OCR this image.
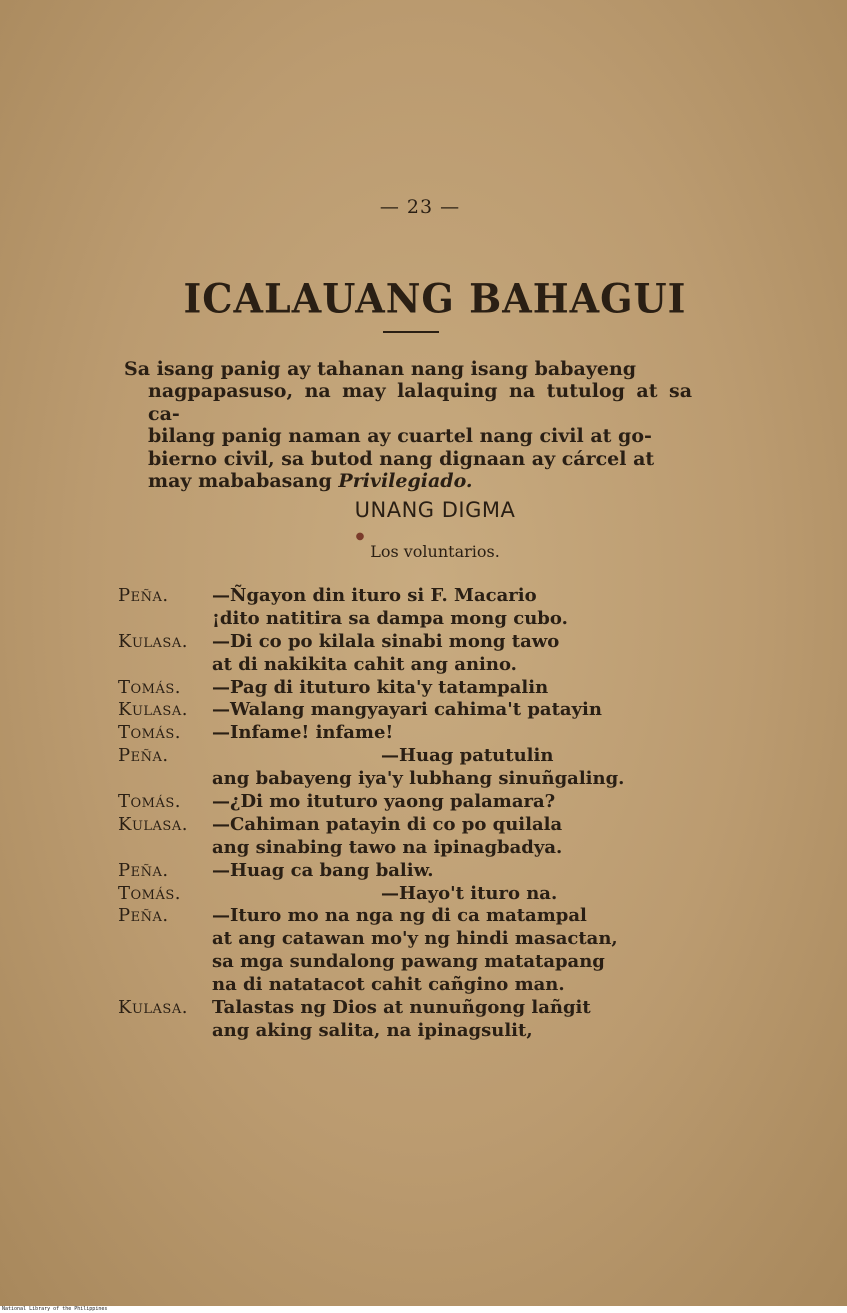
— 23 —
ICALAUANG BAHAGUI
Sa isang panig ay tahanan nang isang babayeng
nagpapasuso, na may lalaquing na tutulog at sa ca-
bilang panig naman ay cuartel nang civil at go-
bierno civil, sa butod nang dignaan ay cárcel at
may mababasang Privilegiado.
UNANG DIGMA
●
Los voluntarios.
Peña. —Ñgayon din ituro si F. Macario
¡dito natitira sa dampa mong cubo.
Kulasa. —Di co po kilala sinabi mong tawo
at di nakikita cahit ang anino.
Tomás. —Pag di ituturo kita'y tatampalin
Kulasa. —Walang mangyayari cahima't patayin
Tomás. —Infame! infame!
Peña.	—Huag patutulin
ang babayeng iya'y lubhang sinuñgaling.
Tomás. —¿Di mo ituturo yaong palamara?
Kulasa. —Cahiman patayin di co po quilala
ang sinabing tawo na ipinagbadya.
Peña. —Huag ca bang baliw.
Tomás.	—Hayo't ituro na.
Peña. —Ituro mo na nga ng di ca matampal
at ang catawan mo'y ng hindi masactan,
sa mga sundalong pawang matatapang
na di natatacot cahit cañgino man.
Kulasa. Talastas ng Dios at nunuñgong lañgit
ang aking salita, na ipinagsulit,
National Library of the Philippines
